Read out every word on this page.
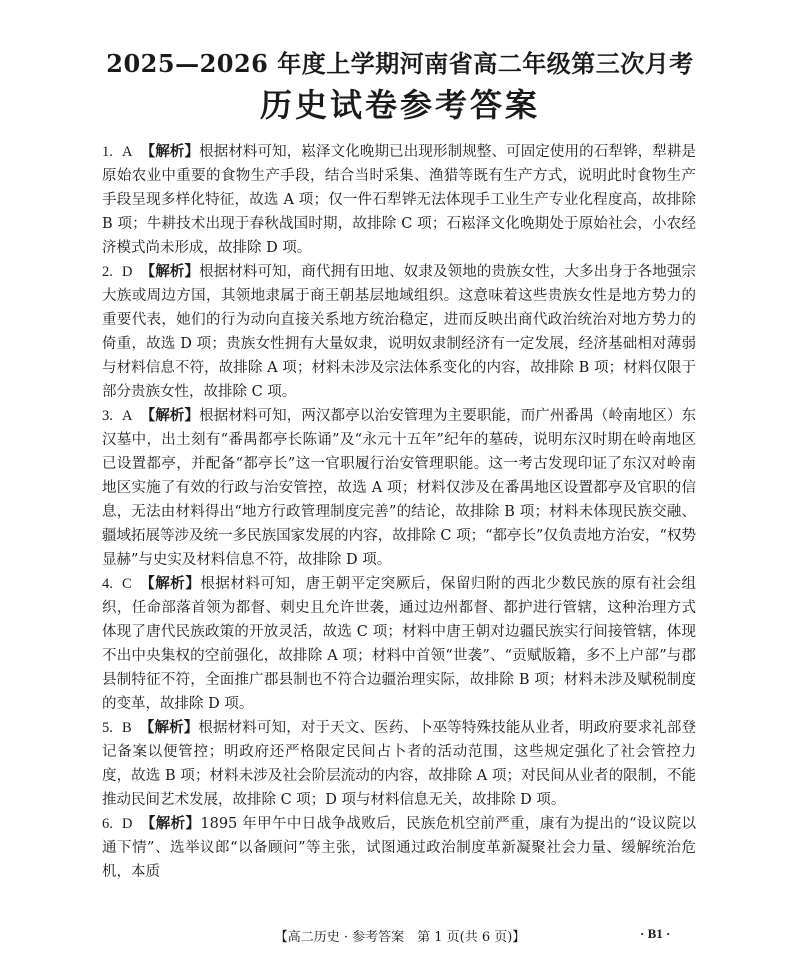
2025—2026 年度上学期河南省高二年级第三次月考
历史试卷参考答案
1. A 【解析】根据材料可知，崧泽文化晚期已出现形制规整、可固定使用的石犁铧，犁耕是原始农业中重要的食物生产手段，结合当时采集、渔猎等既有生产方式，说明此时食物生产手段呈现多样化特征，故选 A 项；仅一件石犁铧无法体现手工业生产专业化程度高，故排除 B 项；牛耕技术出现于春秋战国时期，故排除 C 项；石崧泽文化晚期处于原始社会，小农经济模式尚未形成，故排除 D 项。
2. D 【解析】根据材料可知，商代拥有田地、奴隶及领地的贵族女性，大多出身于各地强宗大族或周边方国，其领地隶属于商王朝基层地域组织。这意味着这些贵族女性是地方势力的重要代表，她们的行为动向直接关系地方统治稳定，进而反映出商代政治统治对地方势力的倚重，故选 D 项；贵族女性拥有大量奴隶，说明奴隶制经济有一定发展，经济基础相对薄弱与材料信息不符，故排除 A 项；材料未涉及宗法体系变化的内容，故排除 B 项；材料仅限于部分贵族女性，故排除 C 项。
3. A 【解析】根据材料可知，两汉都亭以治安管理为主要职能，而广州番禺（岭南地区）东汉墓中，出土刻有“番禺都亭长陈诵”及“永元十五年”纪年的墓砖，说明东汉时期在岭南地区已设置都亭，并配备“都亭长”这一官职履行治安管理职能。这一考古发现印证了东汉对岭南地区实施了有效的行政与治安管控，故选 A 项；材料仅涉及在番禺地区设置都亭及官职的信息，无法由材料得出“地方行政管理制度完善”的结论，故排除 B 项；材料未体现民族交融、疆域拓展等涉及统一多民族国家发展的内容，故排除 C 项；“都亭长”仅负责地方治安，“权势显赫”与史实及材料信息不符，故排除 D 项。
4. C 【解析】根据材料可知，唐王朝平定突厥后，保留归附的西北少数民族的原有社会组织，任命部落首领为都督、刺史且允许世袭，通过边州都督、都护进行管辖，这种治理方式体现了唐代民族政策的开放灵活，故选 C 项；材料中唐王朝对边疆民族实行间接管辖，体现不出中央集权的空前强化，故排除 A 项；材料中首领“世袭”、“贡赋版籍，多不上户部”与郡县制特征不符，全面推广郡县制也不符合边疆治理实际，故排除 B 项；材料未涉及赋税制度的变革，故排除 D 项。
5. B 【解析】根据材料可知，对于天文、医药、卜巫等特殊技能从业者，明政府要求礼部登记备案以便管控；明政府还严格限定民间占卜者的活动范围，这些规定强化了社会管控力度，故选 B 项；材料未涉及社会阶层流动的内容，故排除 A 项；对民间从业者的限制，不能推动民间艺术发展，故排除 C 项；D 项与材料信息无关，故排除 D 项。
6. D 【解析】1895 年甲午中日战争战败后，民族危机空前严重，康有为提出的“设议院以通下情”、选举议郎“以备顾问”等主张，试图通过政治制度革新凝聚社会力量、缓解统治危机，本质
【高二历史 · 参考答案　第 1 页(共 6 页)】	· B1 ·
